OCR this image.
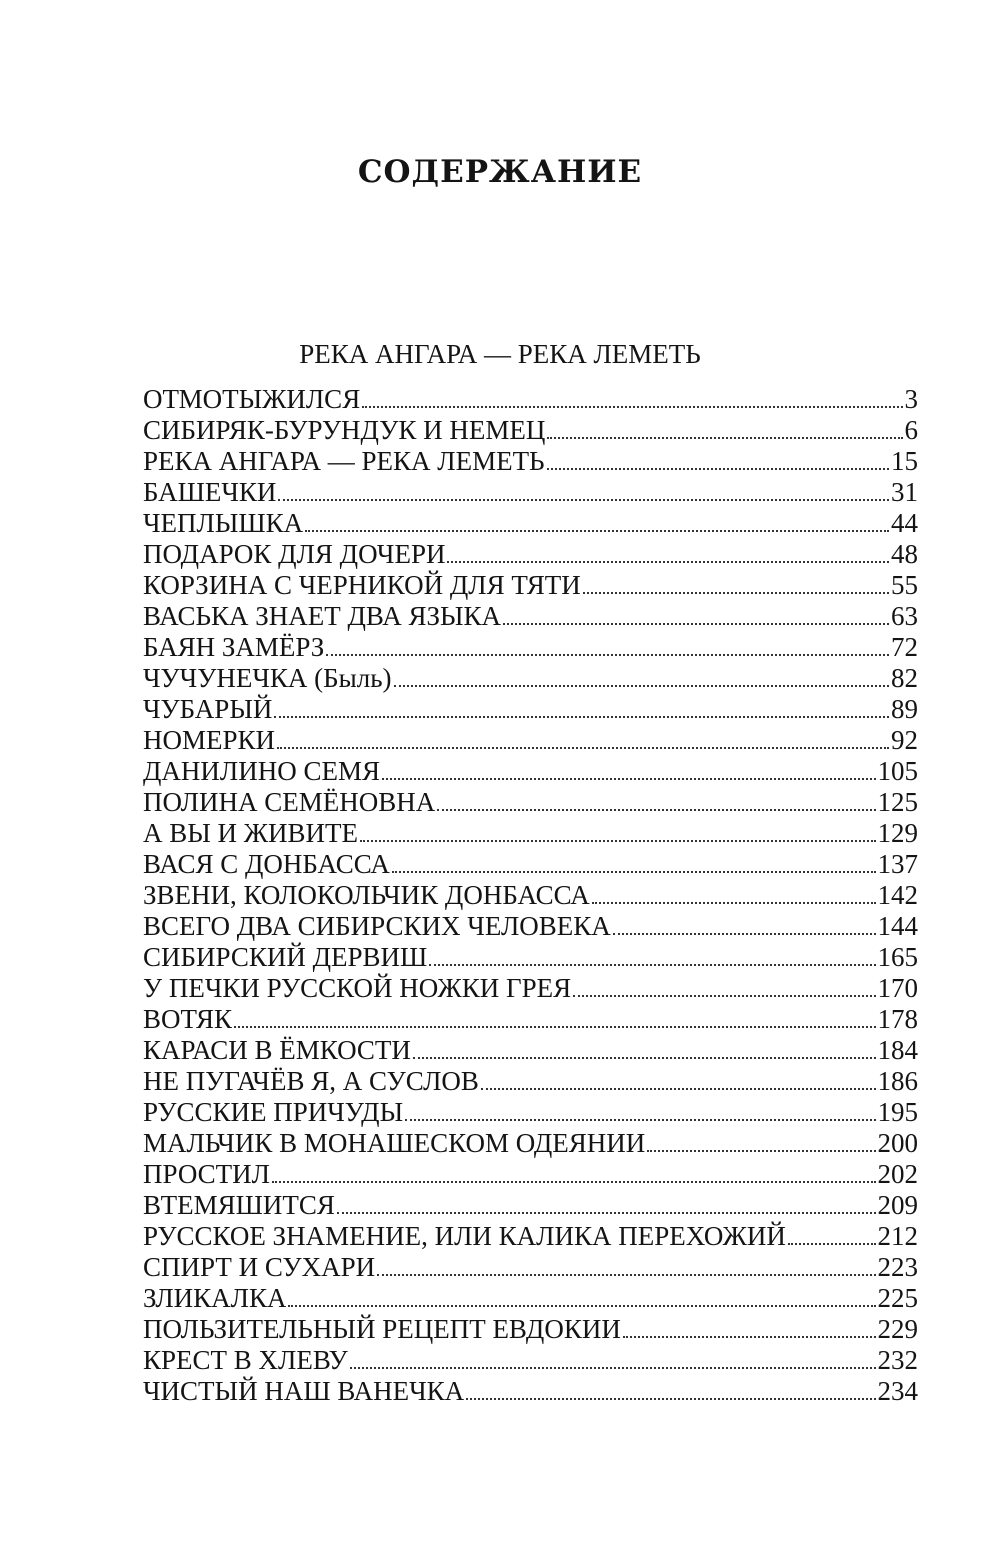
содержание
РЕКА АНГАРА — РЕКА ЛЕМЕТЬ
ОТМОТЫЖИЛСЯ	3
СИБИРЯК-БУРУНДУК И НЕМЕЦ	6
РЕКА АНГАРА — РЕКА ЛЕМЕТЬ	15
БАШЕЧКИ	31
ЧЕПЛЫШКА	44
ПОДАРОК ДЛЯ ДОЧЕРИ	48
КОРЗИНА С ЧЕРНИКОЙ ДЛЯ ТЯТИ	55
ВАСЬКА ЗНАЕТ ДВА ЯЗЫКА	63
БАЯН ЗАМЁРЗ	72
ЧУЧУНЕЧКА (Быль)	82
ЧУБАРЫЙ	89
НОМЕРКИ	92
ДАНИЛИНО СЕМЯ	105
ПОЛИНА СЕМЁНОВНА	125
А ВЫ И ЖИВИТЕ	129
ВАСЯ С ДОНБАССА	137
ЗВЕНИ, КОЛОКОЛЬЧИК ДОНБАССА	142
ВСЕГО ДВА СИБИРСКИХ ЧЕЛОВЕКА	144
СИБИРСКИЙ ДЕРВИШ	165
У ПЕЧКИ РУССКОЙ НОЖКИ ГРЕЯ	170
ВОТЯК	178
КАРАСИ В ЁМКОСТИ	184
НЕ ПУГАЧЁВ Я, А СУСЛОВ	186
РУССКИЕ ПРИЧУДЫ	195
МАЛЬЧИК В МОНАШЕСКОМ ОДЕЯНИИ	200
ПРОСТИЛ	202
ВТЕМЯШИТСЯ	209
РУССКОЕ ЗНАМЕНИЕ, ИЛИ КАЛИКА ПЕРЕХОЖИЙ	212
СПИРТ И СУХАРИ	223
ЗЛИКАЛКА	225
ПОЛЬЗИТЕЛЬНЫЙ РЕЦЕПТ ЕВДОКИИ	229
КРЕСТ В ХЛЕВУ	232
ЧИСТЫЙ НАШ ВАНЕЧКА	234
